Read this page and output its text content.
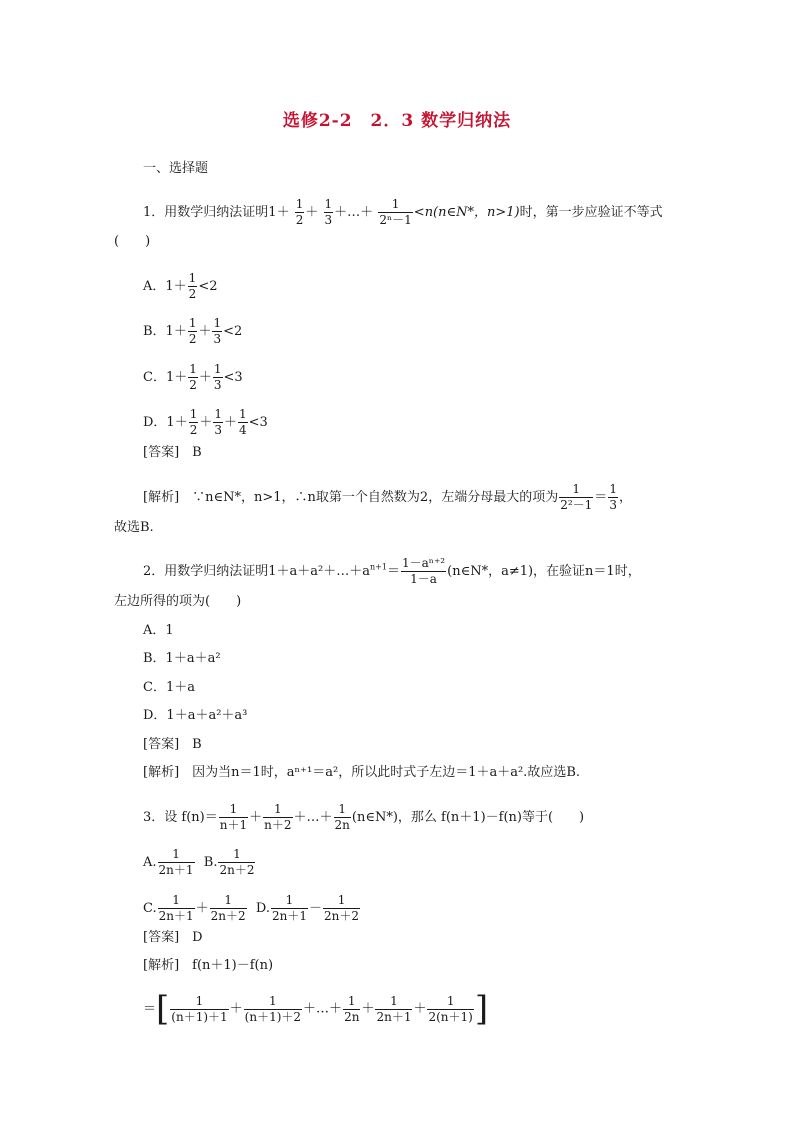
选修2-2　2．3 数学归纳法
一、选择题
1．用数学归纳法证明$1+ \frac{1}{2} + \frac{1}{3}$ ＋…＋ $\frac{1}{\text{2ⁿ－1}}$ <n(n∈N*，n>1)时，第一步应验证不等式
(　　)
A．$1+ \frac{1}{2} <2$
B．$1+ \frac{1}{2} + \frac{1}{3} <2$
C．$1+ \frac{1}{2} + \frac{1}{3} <3$
D．$1+ \frac{1}{2} + \frac{1}{3} + \frac{1}{4} <3$
[答案]　B
[解析]　∵n∈N*，n>1，∴n取第一个自然数为2，左端分母最大的项为 $\frac{1}{\text{2²－1}} = \frac{1}{3}$ ，
故选B.
2．用数学归纳法证明$1+a+a^2+\dots+a^{n+1}= \frac{\text{1－aⁿ⁺²}}{1-a}$ (n∈N*，a≠1)，在验证n＝1时，
左边所得的项为(　　)
A．1
B．1＋a＋a²
C．1＋a
D．1＋a＋a²＋a³
[答案]　B
[解析]　因为当n＝1时，aⁿ⁺¹＝a²，所以此时式子左边＝1＋a＋a².故应选B.
3．设 $f(n)= \frac{1}{n+1} + \frac{1}{n+2}$ ＋…＋ $\frac{1}{2n}$ (n∈N*)，那么 f(n＋1)－f(n)等于(　　)
A. $\frac{1}{2n+1} B$. $\frac{1}{2n+2}$
C. $\frac{1}{2n+1} + \frac{1}{2n+2} D$. $\frac{1}{2n+1} - \frac{1}{2n+2}$
[答案]　D
[解析]　f(n＋1)－f(n)
＝[ $\frac{1}{(n+1)+1} + \frac{1}{(n+1)+2}$ ＋…＋ $\frac{1}{2n} + \frac{1}{2n+1} + \frac{1}{2(n+1)}$ ]
